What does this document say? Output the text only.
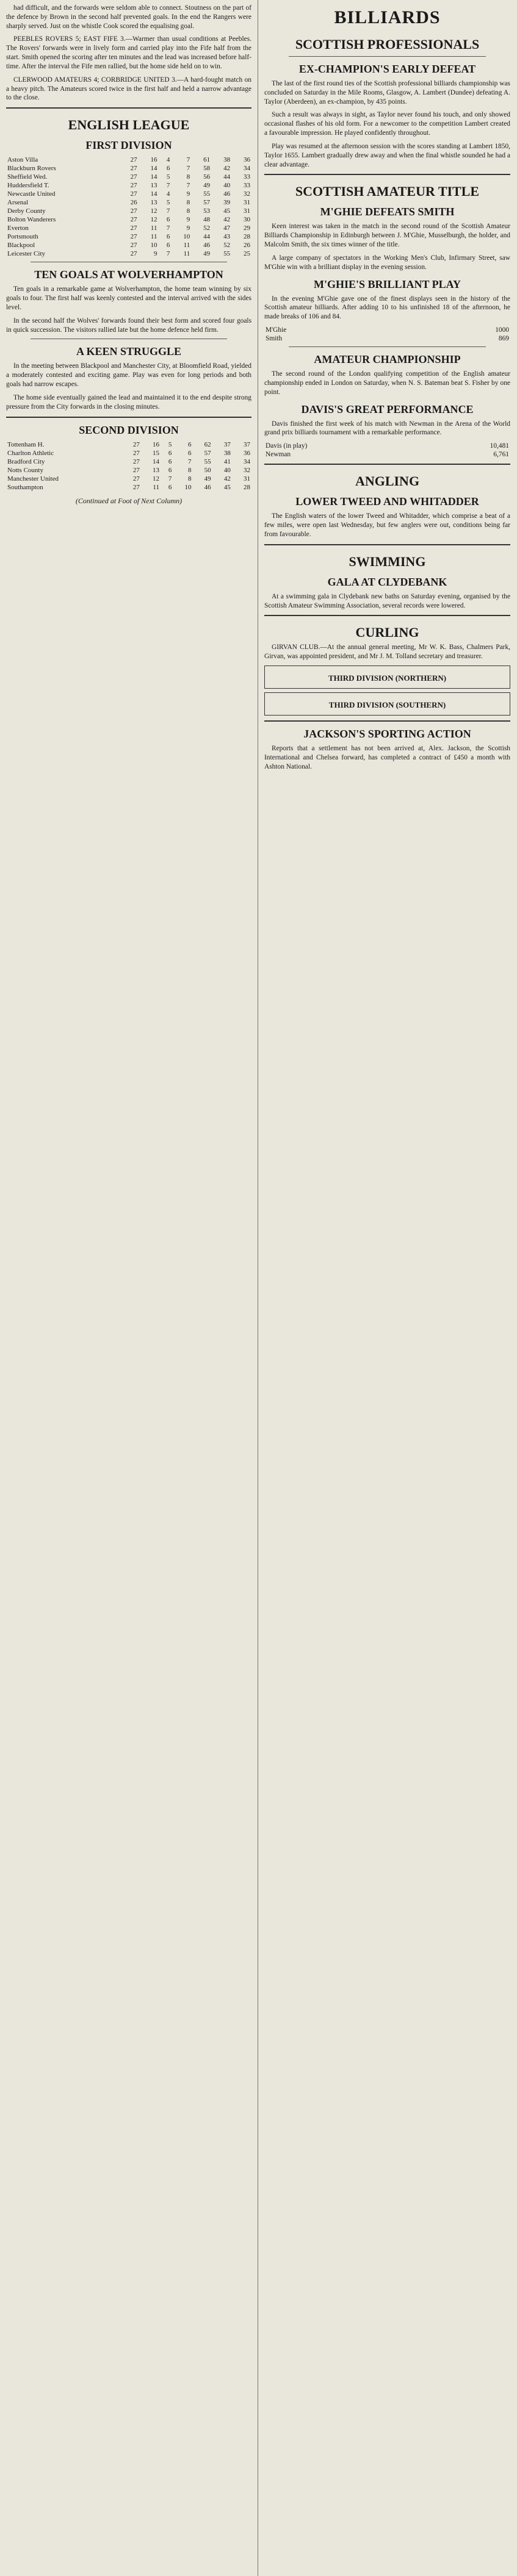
had difficult, and the forwards were seldom able to connect. Stoutness on the part of the defence by Brown in the second half prevented goals. In the end the Rangers were sharply served. Just on the whistle Cook scored the equalising goal.

PEEBLES ROVERS 5; EAST FIFE 3.—Warmer than usual conditions at Peebles. The Rovers' forwards were in lively form and carried play into the Fife half from the start. Smith opened the scoring after ten minutes and the lead was increased before half-time. After the interval the Fife men rallied, but the home side held on to win.

CLERWOOD AMATEURS 4; CORBRIDGE UNITED 3.—A hard-fought match on a heavy pitch. The Amateurs scored twice in the first half and held a narrow advantage to the close.

ENGLISH LEAGUE
FIRST DIVISION
Aston Villa	27	16	4	7	61	38	36
Blackburn Rovers	27	14	6	7	58	42	34
Sheffield Wed.	27	14	5	8	56	44	33
Huddersfield T.	27	13	7	7	49	40	33
Newcastle United	27	14	4	9	55	46	32
Arsenal	26	13	5	8	57	39	31
Derby County	27	12	7	8	53	45	31
Bolton Wanderers	27	12	6	9	48	42	30
Everton	27	11	7	9	52	47	29
Portsmouth	27	11	6	10	44	43	28
Blackpool	27	10	6	11	46	52	26
Leicester City	27	9	7	11	49	55	25
TEN GOALS AT WOLVERHAMPTON

Ten goals in a remarkable game at Wolverhampton, the home team winning by six goals to four. The first half was keenly contested and the interval arrived with the sides level.

In the second half the Wolves' forwards found their best form and scored four goals in quick succession. The visitors rallied late but the home defence held firm.

A KEEN STRUGGLE

In the meeting between Blackpool and Manchester City, at Bloomfield Road, yielded a moderately contested and exciting game. Play was even for long periods and both goals had narrow escapes.

The home side eventually gained the lead and maintained it to the end despite strong pressure from the City forwards in the closing minutes.

SECOND DIVISION
Tottenham H.	27	16	5	6	62	37	37
Charlton Athletic	27	15	6	6	57	38	36
Bradford City	27	14	6	7	55	41	34
Notts County	27	13	6	8	50	40	32
Manchester United	27	12	7	8	49	42	31
Southampton	27	11	6	10	46	45	28
(Continued at Foot of Next Column)
BILLIARDS
SCOTTISH PROFESSIONALS
EX-CHAMPION'S EARLY DEFEAT

The last of the first round ties of the Scottish professional billiards championship was concluded on Saturday in the Mile Rooms, Glasgow, A. Lambert (Dundee) defeating A. Taylor (Aberdeen), an ex-champion, by 435 points.

Such a result was always in sight, as Taylor never found his touch, and only showed occasional flashes of his old form. For a newcomer to the competition Lambert created a favourable impression. He played confidently throughout.

Play was resumed at the afternoon session with the scores standing at Lambert 1850, Taylor 1655. Lambert gradually drew away and when the final whistle sounded he had a clear advantage.

SCOTTISH AMATEUR TITLE
M'GHIE DEFEATS SMITH

Keen interest was taken in the match in the second round of the Scottish Amateur Billiards Championship in Edinburgh between J. M'Ghie, Musselburgh, the holder, and Malcolm Smith, the six times winner of the title.

A large company of spectators in the Working Men's Club, Infirmary Street, saw M'Ghie win with a brilliant display in the evening session.

M'GHIE'S BRILLIANT PLAY

In the evening M'Ghie gave one of the finest displays seen in the history of the Scottish amateur billiards. After adding 10 to his unfinished 18 of the afternoon, he made breaks of 106 and 84.

M'Ghie	1000
Smith	869
AMATEUR CHAMPIONSHIP

The second round of the London qualifying competition of the English amateur championship ended in London on Saturday, when N. S. Bateman beat S. Fisher by one point.

DAVIS'S GREAT PERFORMANCE

Davis finished the first week of his match with Newman in the Arena of the World grand prix billiards tournament with a remarkable performance.

Davis (in play)	10,481
Newman	6,761
ANGLING
LOWER TWEED AND WHITADDER

The English waters of the lower Tweed and Whitadder, which comprise a beat of a few miles, were open last Wednesday, but few anglers were out, conditions being far from favourable.

SWIMMING
GALA AT CLYDEBANK

At a swimming gala in Clydebank new baths on Saturday evening, organised by the Scottish Amateur Swimming Association, several records were lowered.

CURLING

GIRVAN CLUB.—At the annual general meeting, Mr W. K. Bass, Chalmers Park, Girvan, was appointed president, and Mr J. M. Tolland secretary and treasurer.

THIRD DIVISION (NORTHERN)
THIRD DIVISION (SOUTHERN)
JACKSON'S SPORTING ACTION

Reports that a settlement has not been arrived at, Alex. Jackson, the Scottish International and Chelsea forward, has completed a contract of £450 a month with Ashton National.
